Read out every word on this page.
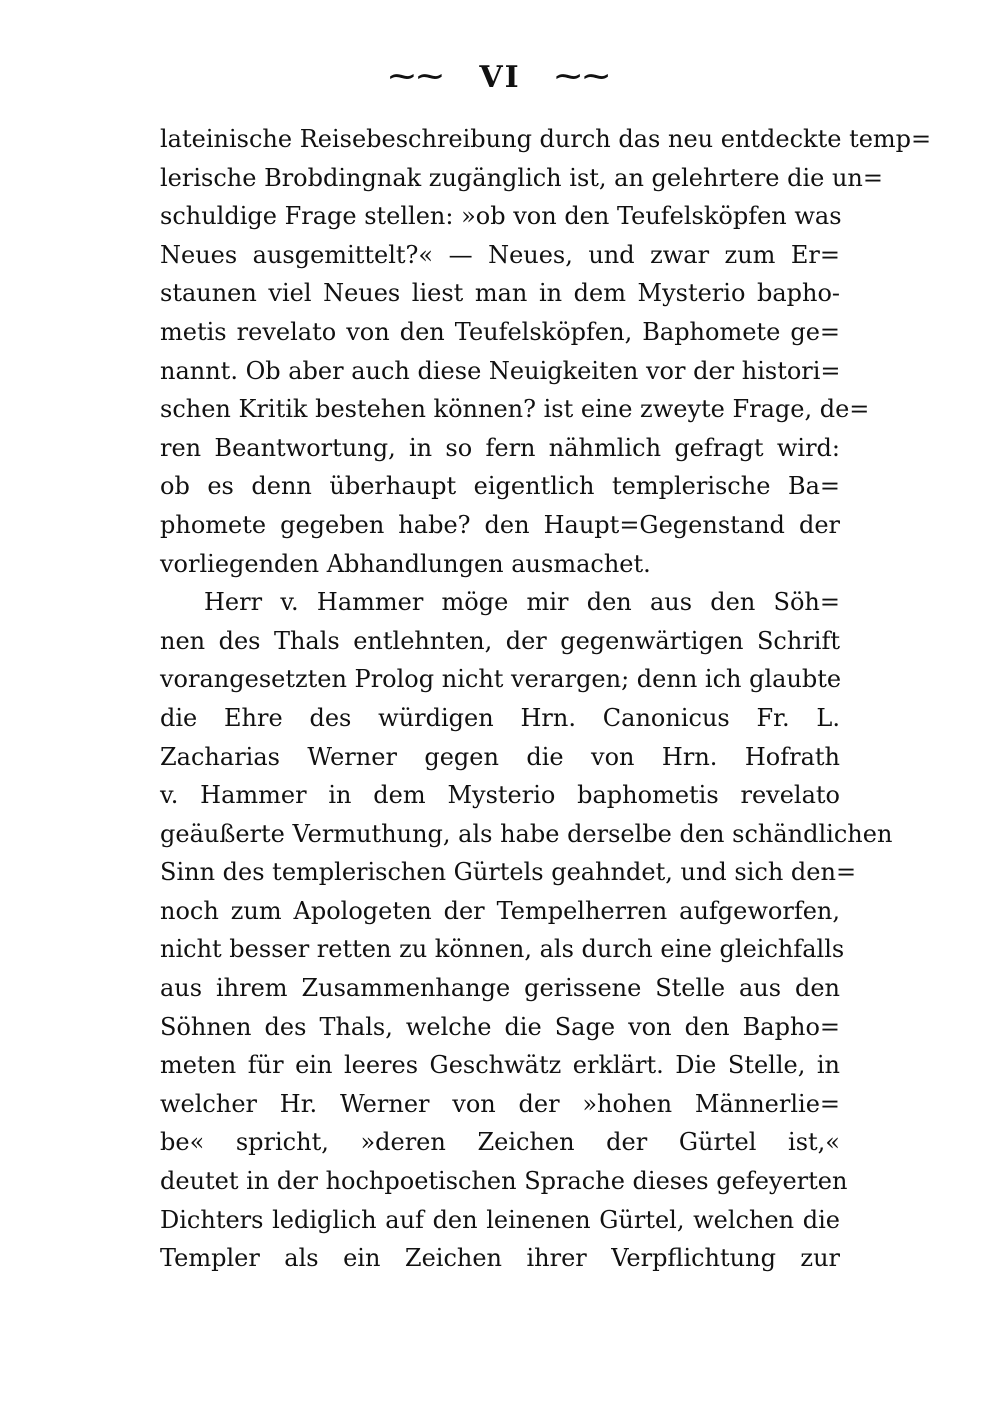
⁓⁓ VI ⁓⁓
lateinische Reisebeschreibung durch das neu entdeckte temp=
lerische Brobdingnak zugänglich ist, an gelehrtere die un=
schuldige Frage stellen: »ob von den Teufelsköpfen was
Neues ausgemittelt?« — Neues, und zwar zum Er=
staunen viel Neues liest man in dem Mysterio bapho-
metis revelato von den Teufelsköpfen, Baphomete ge=
nannt. Ob aber auch diese Neuigkeiten vor der histori=
schen Kritik bestehen können? ist eine zweyte Frage, de=
ren Beantwortung, in so fern nähmlich gefragt wird:
ob es denn überhaupt eigentlich templerische Ba=
phomete gegeben habe? den Haupt=Gegenstand der
vorliegenden Abhandlungen ausmachet.
Herr v. Hammer möge mir den aus den Söh=
nen des Thals entlehnten, der gegenwärtigen Schrift
vorangesetzten Prolog nicht verargen; denn ich glaubte
die Ehre des würdigen Hrn. Canonicus Fr. L.
Zacharias Werner gegen die von Hrn. Hofrath
v. Hammer in dem Mysterio baphometis revelato
geäußerte Vermuthung, als habe derselbe den schändlichen
Sinn des templerischen Gürtels geahndet, und sich den=
noch zum Apologeten der Tempelherren aufgeworfen,
nicht besser retten zu können, als durch eine gleichfalls
aus ihrem Zusammenhange gerissene Stelle aus den
Söhnen des Thals, welche die Sage von den Bapho=
meten für ein leeres Geschwätz erklärt. Die Stelle, in
welcher Hr. Werner von der »hohen Männerlie=
be« spricht, »deren Zeichen der Gürtel ist,«
deutet in der hochpoetischen Sprache dieses gefeyerten
Dichters lediglich auf den leinenen Gürtel, welchen die
Templer als ein Zeichen ihrer Verpflichtung zur
